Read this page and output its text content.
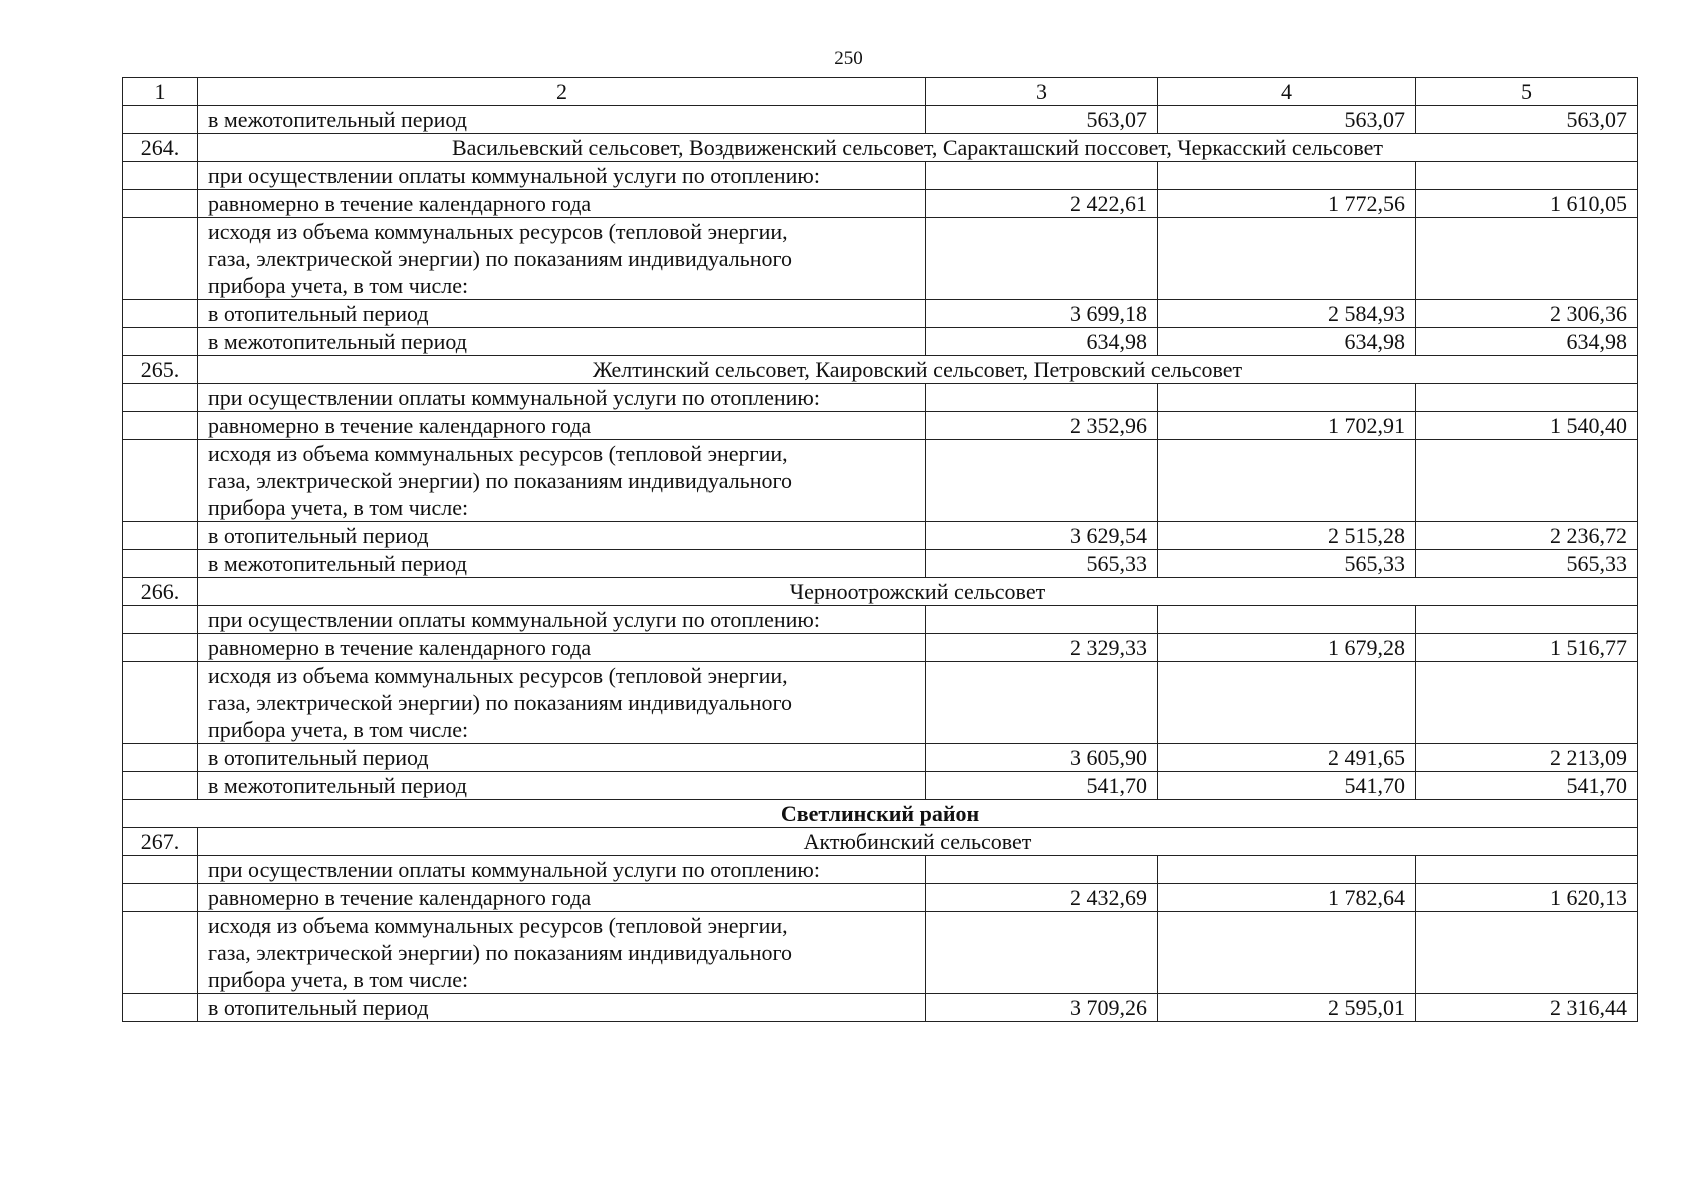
250
1	2	3	4	5
	в межотопительный период	563,07	563,07	563,07
264.	Васильевский сельсовет, Воздвиженский сельсовет, Саракташский поссовет, Черкасский сельсовет			
	при осуществлении оплаты коммунальной услуги по отоплению:			
	равномерно в течение календарного года	2 422,61	1 772,56	1 610,05

	исходя из объема коммунальных ресурсов (тепловой энергии,
газа, электрической энергии) по показаниям индивидуального
прибора учета, в том числе:			

	в отопительный период	3 699,18	2 584,93	2 306,36
	в межотопительный период	634,98	634,98	634,98
265.	Желтинский сельсовет, Каировский сельсовет, Петровский сельсовет			
	при осуществлении оплаты коммунальной услуги по отоплению:			
	равномерно в течение календарного года	2 352,96	1 702,91	1 540,40

	исходя из объема коммунальных ресурсов (тепловой энергии,
газа, электрической энергии) по показаниям индивидуального
прибора учета, в том числе:			

	в отопительный период	3 629,54	2 515,28	2 236,72
	в межотопительный период	565,33	565,33	565,33
266.	Черноотрожский сельсовет			
	при осуществлении оплаты коммунальной услуги по отоплению:			
	равномерно в течение календарного года	2 329,33	1 679,28	1 516,77

	исходя из объема коммунальных ресурсов (тепловой энергии,
газа, электрической энергии) по показаниям индивидуального
прибора учета, в том числе:			

	в отопительный период	3 605,90	2 491,65	2 213,09
	в межотопительный период	541,70	541,70	541,70
Светлинский район				
267.	Актюбинский сельсовет			
	при осуществлении оплаты коммунальной услуги по отоплению:			
	равномерно в течение календарного года	2 432,69	1 782,64	1 620,13

	исходя из объема коммунальных ресурсов (тепловой энергии,
газа, электрической энергии) по показаниям индивидуального
прибора учета, в том числе:			

	в отопительный период	3 709,26	2 595,01	2 316,44
